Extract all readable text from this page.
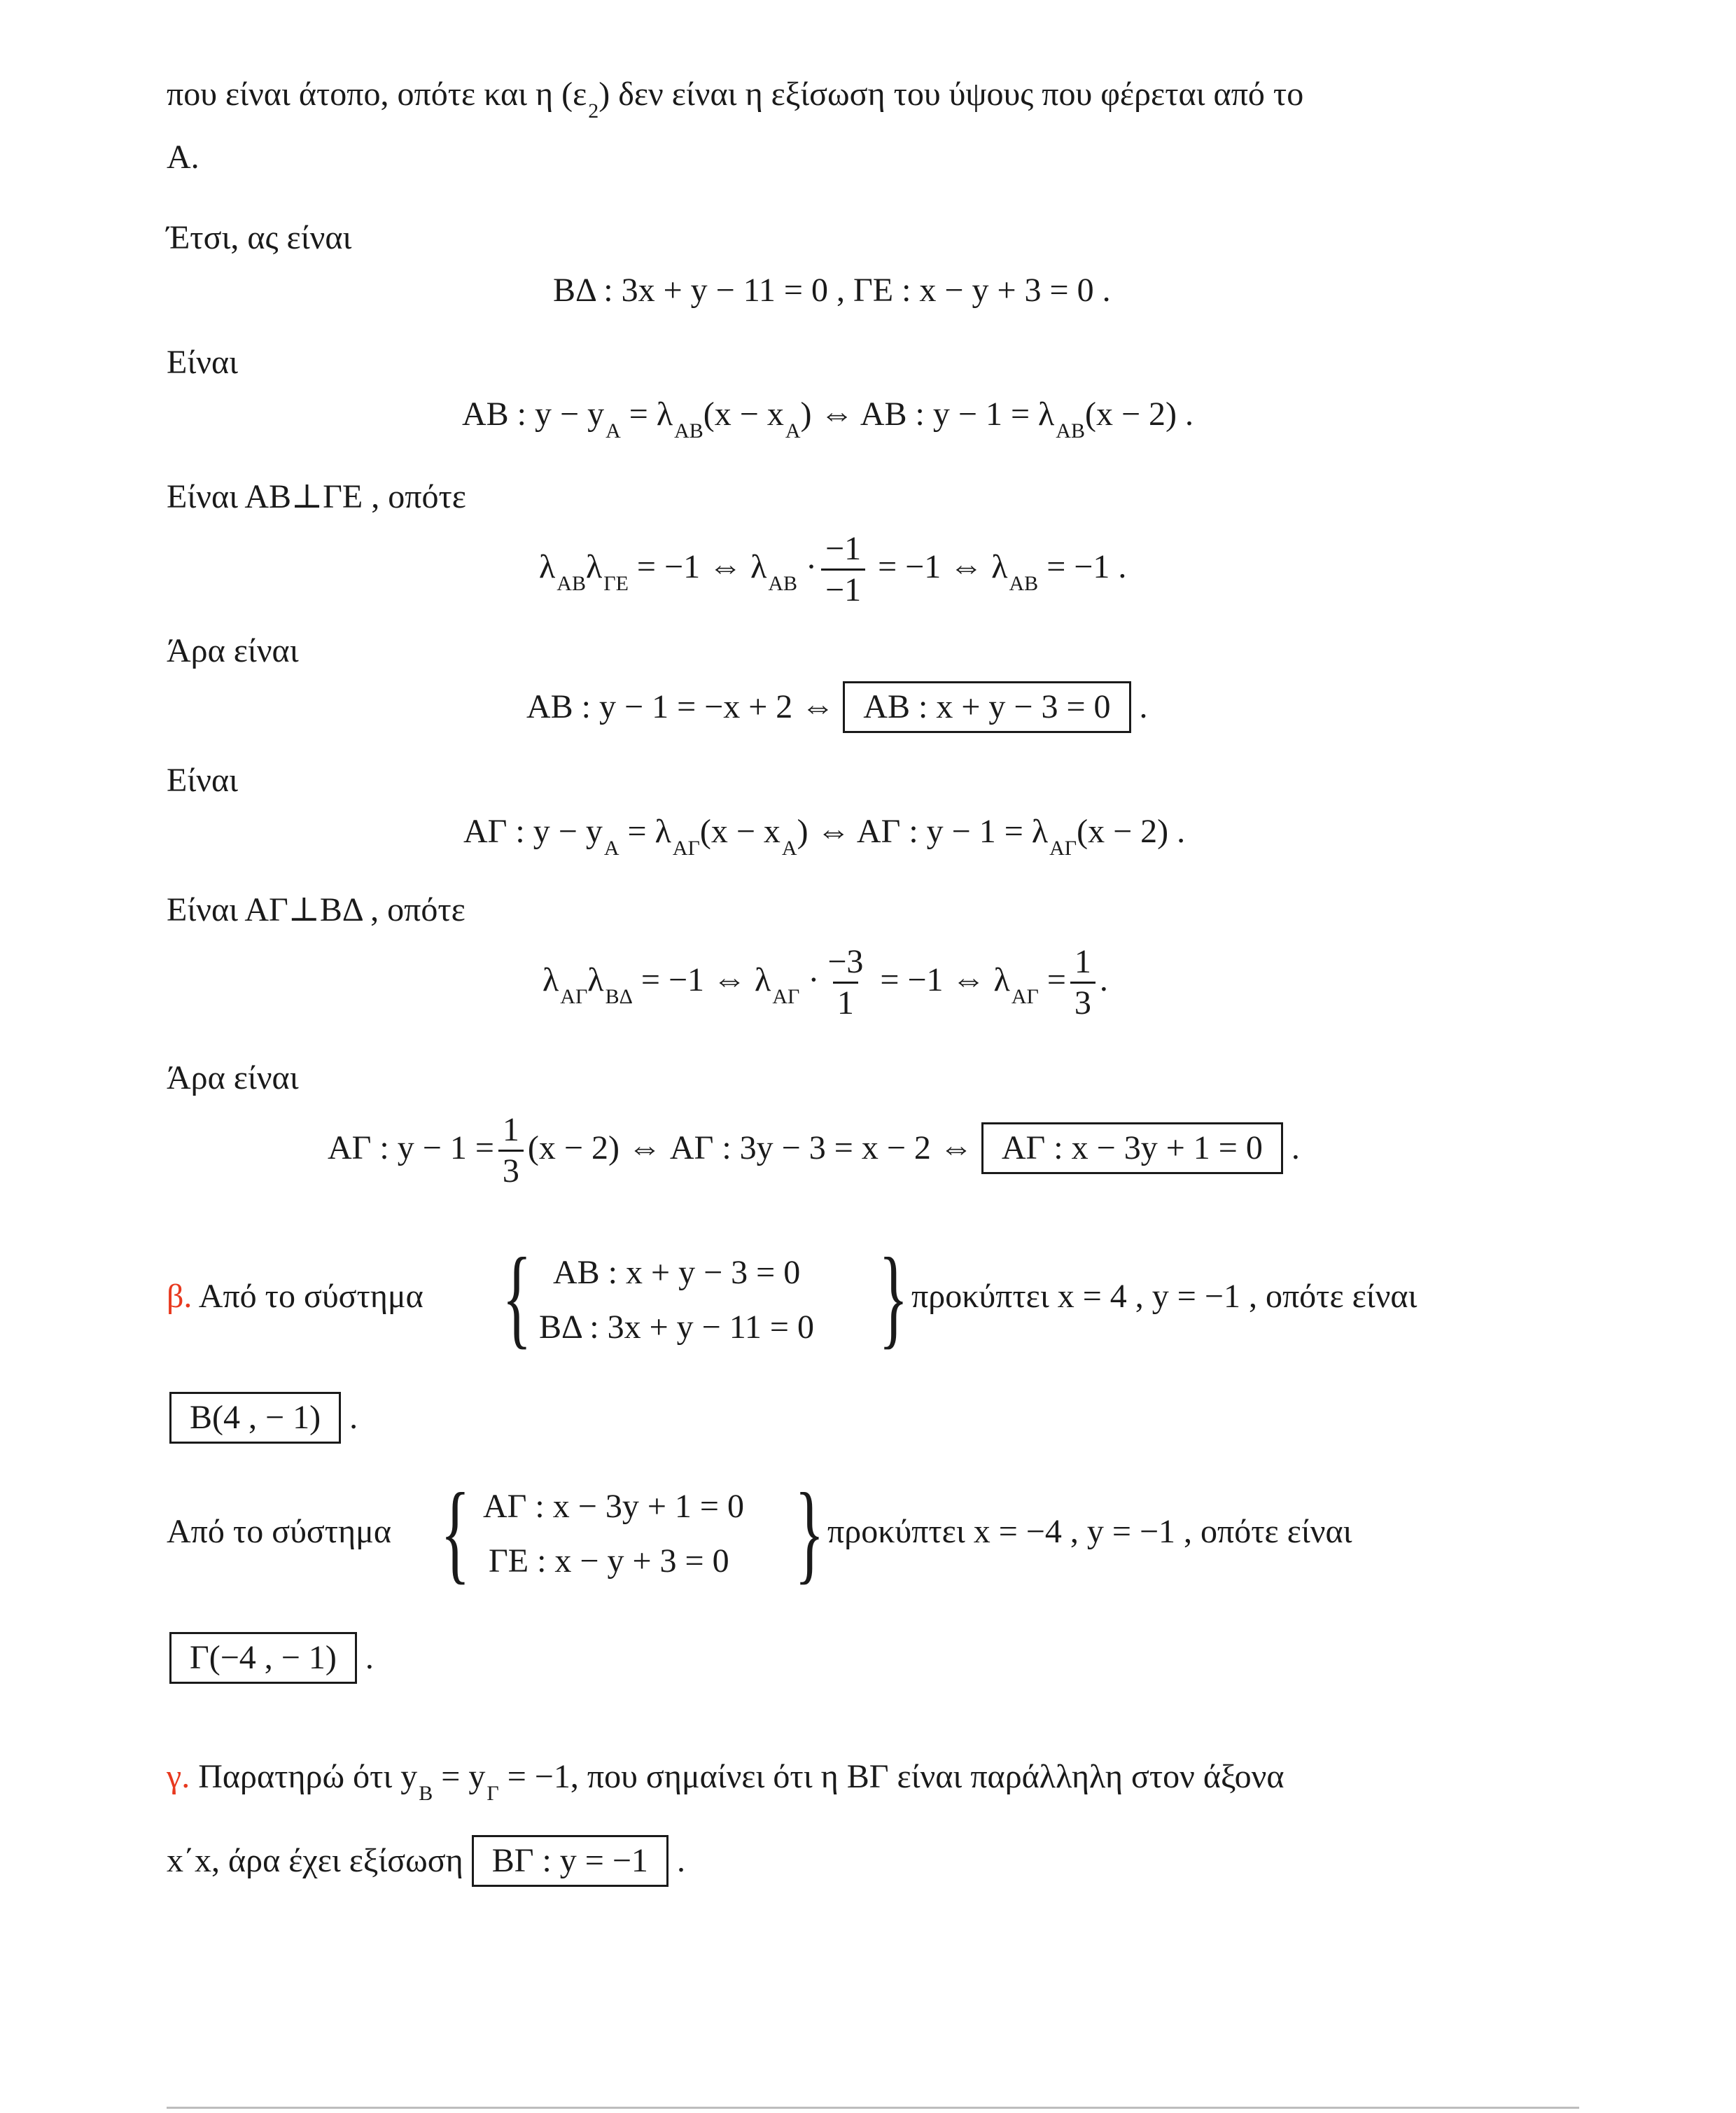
που είναι άτοπο, οπότε και η $(\varepsilon_2)$ δεν είναι η εξίσωση του ύψους που φέρεται από το
Α.
Έτσι, ας είναι
ΒΔ : 3x + y − 11 = 0 , ΓΕ : x − y + 3 = 0 .
Είναι
ΑΒ : $y - y_A = \lambda_{AB}(x - x_A)$ ⇔ ΑΒ : $y - 1 = \lambda_{AB}(x - 2)$ .
Είναι ΑΒ⊥ΓΕ , οπότε
$\lambda_{AB}\lambda_{\Gamma E} = -1$ ⇔ $\lambda_{AB} \cdot \frac{-1}{-1} = -1$ ⇔ $\lambda_{AB} = -1$ .
Άρα είναι
ΑΒ : y − 1 = −x + 2 ⇔ ΑΒ : x + y − 3 = 0 .
Είναι
ΑΓ : $y - y_A = \lambda_{A\Gamma}(x - x_A)$ ⇔ ΑΓ : $y - 1 = \lambda_{A\Gamma}(x - 2)$ .
Είναι ΑΓ⊥ΒΔ , οπότε
$\lambda_{A\Gamma}\lambda_{B\Delta} = -1$ ⇔ $\lambda_{A\Gamma} \cdot \frac{-3}{1} = -1$ ⇔ $\lambda_{A\Gamma} = \frac{1}{3}$ .
Άρα είναι
ΑΓ : $y - 1 = \frac{1}{3} (x - 2)$ ⇔ ΑΓ : 3y − 3 = x − 2 ⇔ ΑΓ : x − 3y + 1 = 0 .
β. Από το σύστημα { ΑΒ : x + y − 3 = 0
ΒΔ : 3x + y − 11 = 0 } προκύπτει x = 4 , y = −1 , οπότε είναι
Β(4 , − 1) .
Από το σύστημα { ΑΓ : x − 3y + 1 = 0
ΓΕ : x − y + 3 = 0 } προκύπτει x = −4 , y = −1 , οπότε είναι
Γ(−4 , − 1) .
γ. Παρατηρώ ότι $y_B = y_\Gamma = -1$, που σημαίνει ότι η ΒΓ είναι παράλληλη στον άξονα
x΄x, άρα έχει εξίσωση ΒΓ : y = −1 .
